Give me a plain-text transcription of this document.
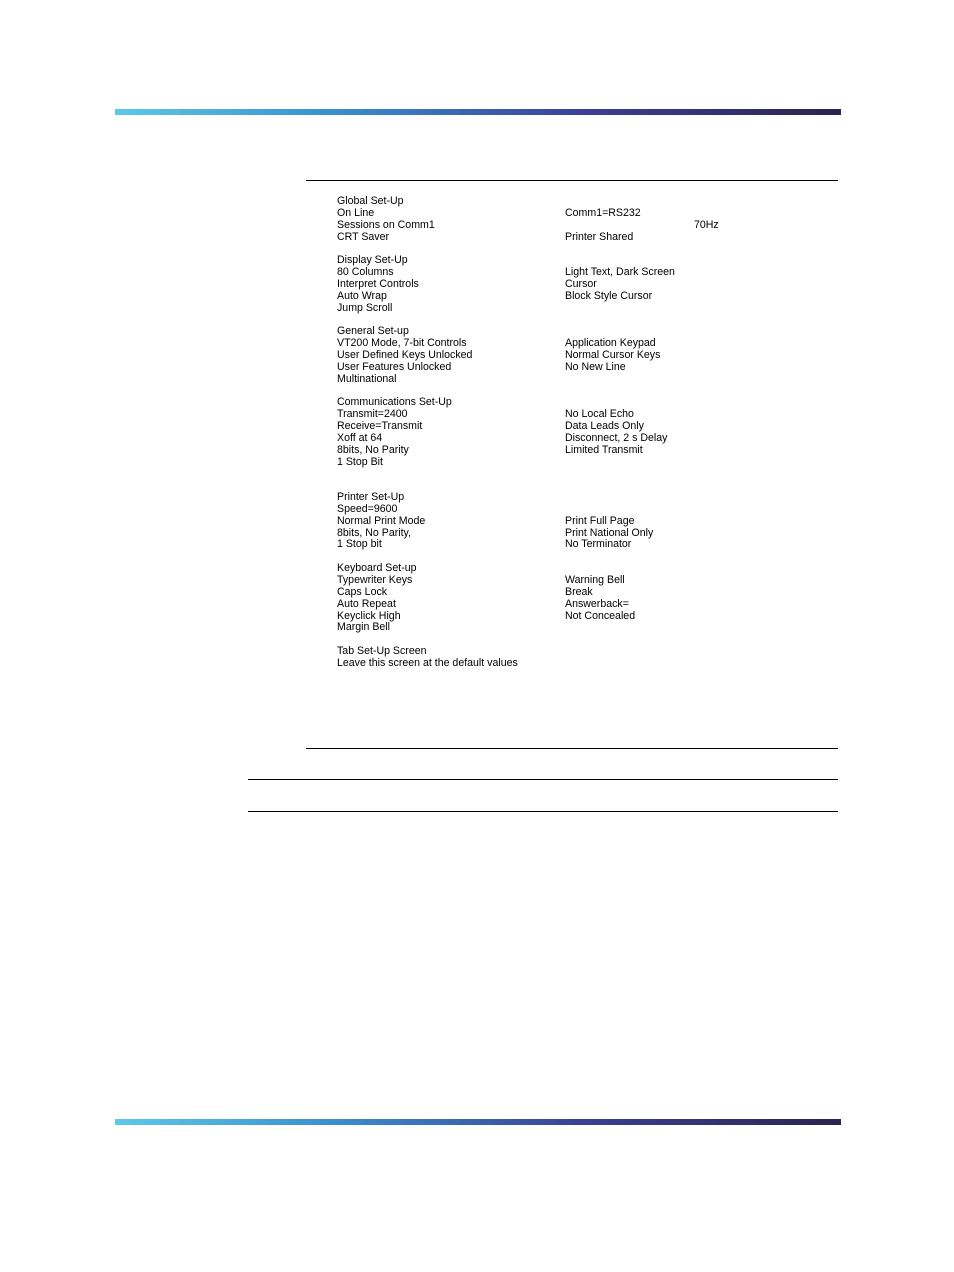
Global Set-Up
On Line	Comm1=RS232
Sessions on Comm1	70Hz
CRT Saver	Printer Shared
Display Set-Up
80 Columns	Light Text, Dark Screen
Interpret Controls	Cursor
Auto Wrap	Block Style Cursor
Jump Scroll
General Set-up
VT200 Mode, 7-bit Controls	Application Keypad
User Defined Keys Unlocked	Normal Cursor Keys
User Features Unlocked	No New Line
Multinational
Communications Set-Up
Transmit=2400	No Local Echo
Receive=Transmit	Data Leads Only
Xoff at 64	Disconnect, 2 s Delay
8bits, No Parity	Limited Transmit
1 Stop Bit
Printer Set-Up
Speed=9600
Normal Print Mode	Print Full Page
8bits, No Parity,	Print National Only
1 Stop bit	No Terminator
Keyboard Set-up
Typewriter Keys	Warning Bell
Caps Lock	Break
Auto Repeat	Answerback=
Keyclick High	Not Concealed
Margin Bell
Tab Set-Up Screen
Leave this screen at the default values
